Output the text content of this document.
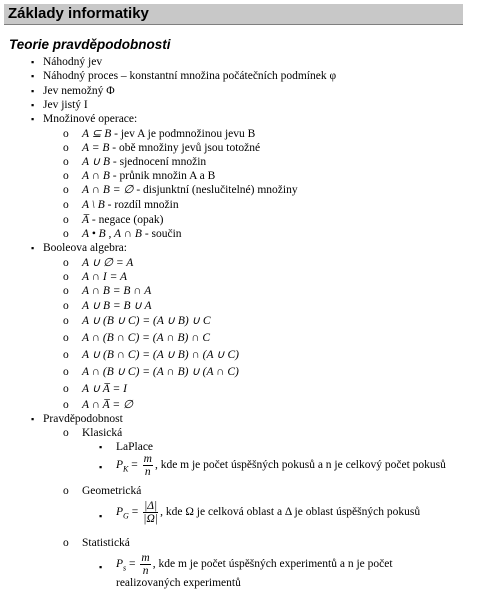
Základy informatiky
Teorie pravděpodobnosti
▪ Náhodný jev
▪ Náhodný proces – konstantní množina počátečních podmínek φ
▪ Jev nemožný Φ
▪ Jev jistý I
▪ Množinové operace:
o A ⊆ B - jev A je podmnožinou jevu B
o A = B - obě množiny jevů jsou totožné
o A ∪ B - sjednocení množin
o A ∩ B - průnik množin A a B
o A ∩ B = ∅ - disjunktní (neslučitelné) množiny
o A \ B - rozdíl množin
o A̅ - negace (opak)
o A • B , A ∩ B - součin
▪ Booleova algebra:
o A ∪ ∅ = A
o A ∩ I = A
o A ∩ B = B ∩ A
o A ∪ B = B ∪ A
o A ∪ (B ∪ C) = (A ∪ B) ∪ C
o A ∩ (B ∩ C) = (A ∩ B) ∩ C
o A ∪ (B ∩ C) = (A ∪ B) ∩ (A ∪ C)
o A ∩ (B ∪ C) = (A ∩ B) ∪ (A ∩ C)
o A ∪ A̅ = I
o A ∩ A̅ = ∅
▪ Pravděpodobnost
o Klasická
▪ LaPlace
▪ $P_K = \frac{m}{n}$ , kde m je počet úspěšných pokusů a n je celkový počet pokusů
o Geometrická
▪ $P_G = \frac{|\Delta|}{|\Omega|}$ , kde Ω je celková oblast a Δ je oblast úspěšných pokusů
o Statistická
▪ $P_s = \frac{m}{n}$ , kde m je počet úspěšných experimentů a n je počet
realizovaných experimentů
